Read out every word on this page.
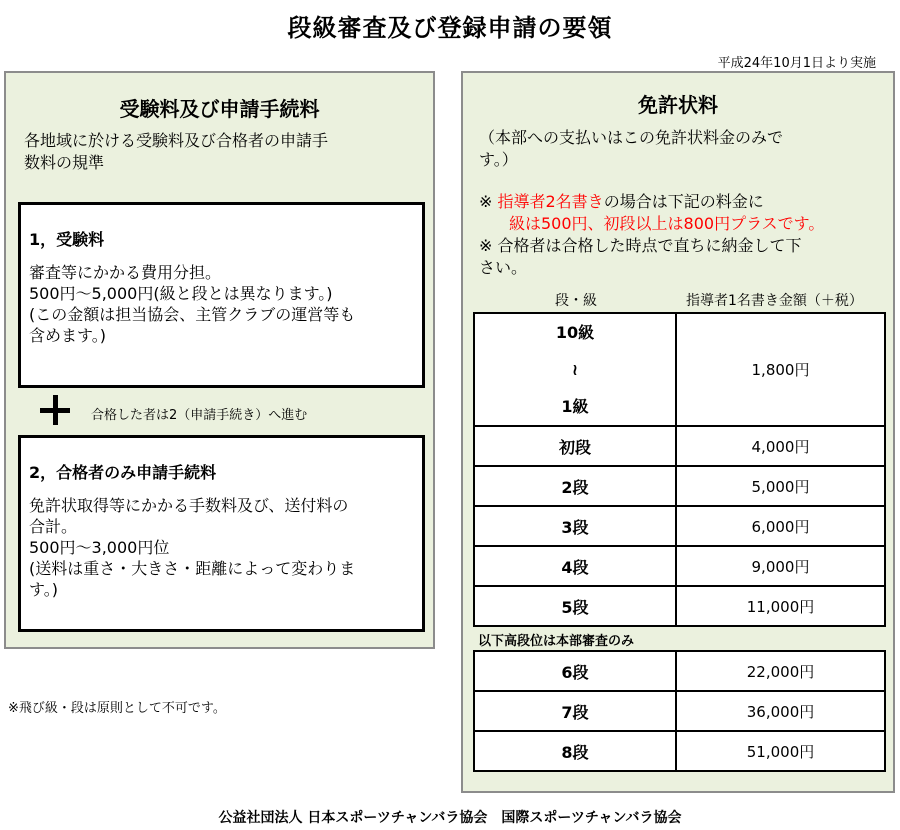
段級審査及び登録申請の要領
平成24年10月1日より実施
受験料及び申請手続料
各地域に於ける受験料及び合格者の申請手
数料の規準
1，受験料
審査等にかかる費用分担。
500円～5,000円(級と段とは異なります。)
(この金額は担当協会、主管クラブの運営等も
含めます。)
2，合格者のみ申請手続料
免許状取得等にかかる手数料及び、送付料の
合計。
500円～3,000円位
(送料は重さ・大きさ・距離によって変わりま
す。)
合格した者は2（申請手続き）へ進む
※飛び級・段は原則として不可です。
免許状料
（本部への支払いはこの免許状料金のみで
す。）
※ 指導者2名書きの場合は下記の料金に
級は500円、初段以上は800円プラスです。
※ 合格者は合格した時点で直ちに納金して下
さい。
段・級	指導者1名書き金額（＋税）
10級
≀
1級	1,800円
初段	4,000円
2段	5,000円
3段	6,000円
4段	9,000円
5段	11,000円
以下高段位は本部審査のみ
6段	22,000円
7段	36,000円
8段	51,000円
公益社団法人 日本スポーツチャンバラ協会　国際スポーツチャンバラ協会
